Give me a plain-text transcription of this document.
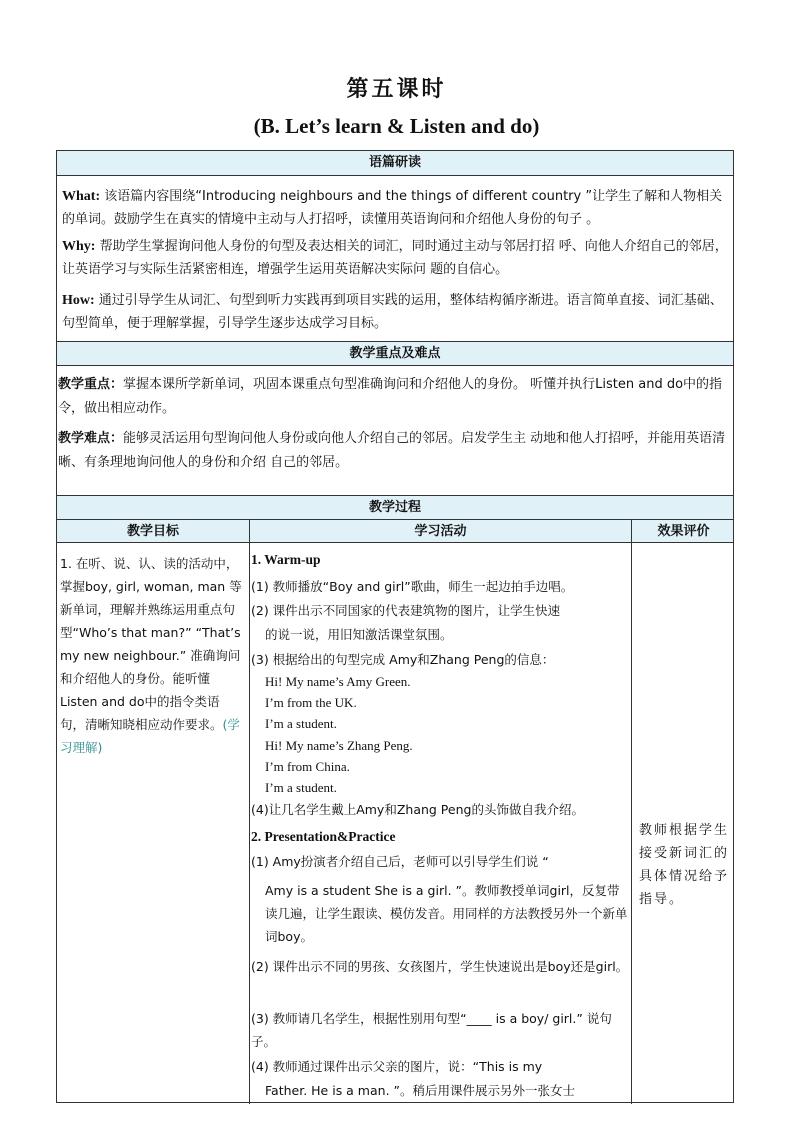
第五课时
(B. Let’s learn & Listen and do)
语篇研读
What: 该语篇内容围绕“Introducing neighbours and the things of different country ”让学生了解和人物相关的单词。鼓励学生在真实的情境中主动与人打招呼，读懂用英语询问和介绍他人身份的句子 。
Why: 帮助学生掌握询问他人身份的句型及表达相关的词汇，同时通过主动与邻居打招 呼、向他人介绍自己的邻居，让英语学习与实际生活紧密相连，增强学生运用英语解决实际问 题的自信心。
How: 通过引导学生从词汇、句型到听力实践再到项目实践的运用，整体结构循序渐进。语言简单直接、词汇基础、句型简单，便于理解掌握，引导学生逐步达成学习目标。
教学重点及难点
教学重点：掌握本课所学新单词，巩固本课重点句型准确询问和介绍他人的身份。 听懂并执行Listen and do中的指令，做出相应动作。
教学难点：能够灵活运用句型询问他人身份或向他人介绍自己的邻居。启发学生主 动地和他人打招呼，并能用英语清晰、有条理地询问他人的身份和介绍 自己的邻居。
教学过程
教学目标	学习活动	效果评价
1. 在听、说、认、读的活动中，掌握boy, girl, woman, man 等新单词，理解并熟练运用重点句型“Who’s that man?” “That’s my new neighbour.” 准确询问和介绍他人的身份。能听懂Listen and do中的指令类语句，清晰知晓相应动作要求。(学习理解)
1. Warm-up
(1) 教师播放“Boy and girl”歌曲，师生一起边拍手边唱。
(2) 课件出示不同国家的代表建筑物的图片，让学生快速
的说一说，用旧知激活课堂氛围。
(3) 根据给出的句型完成 Amy和Zhang Peng的信息：
Hi! My name’s Amy Green.
I’m from the UK.
I’m a student.
Hi! My name’s Zhang Peng.
I’m from China.
I’m a student.
(4)让几名学生戴上Amy和Zhang Peng的头饰做自我介绍。
2. Presentation&Practice
(1) Amy扮演者介绍自己后，老师可以引导学生们说 “
Amy is a student She is a girl. ”。教师教授单词girl，反复带读几遍，让学生跟读、模仿发音。用同样的方法教授另外一个新单词boy。
(2) 课件出示不同的男孩、女孩图片，学生快速说出是boy还是girl。
(3) 教师请几名学生，根据性别用句型“____ is a boy/ girl.” 说句子。
(4) 教师通过课件出示父亲的图片，说：“This is my
Father. He is a man. ”。稍后用课件展示另外一张女士
教师根据学生接受新词汇的具体情况给予指导。
